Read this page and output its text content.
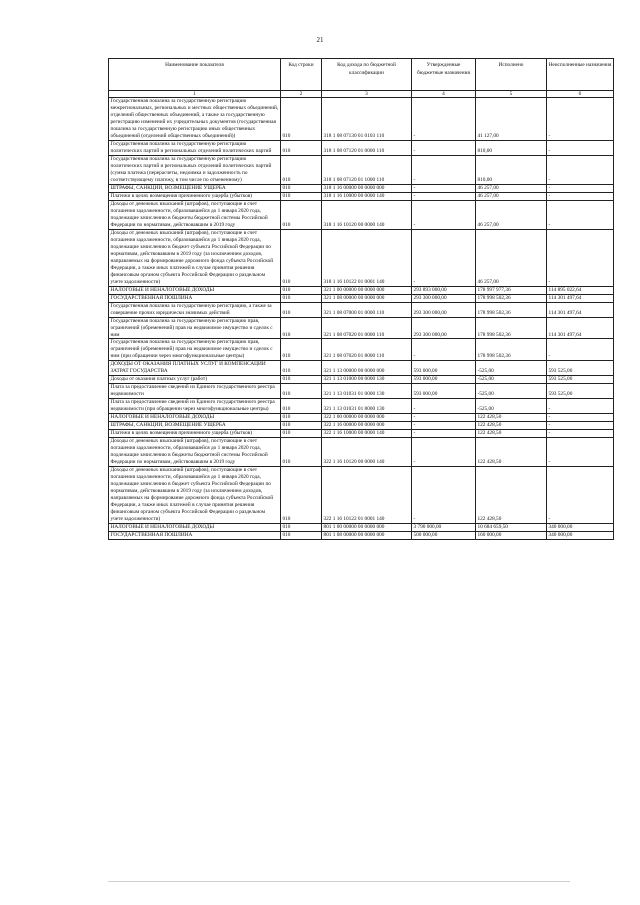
21
Наименование показателя	Код строки	Код дохода по бюджетной классификации	Утвержденные бюджетные назначения	Исполнено	Неисполненные назначения
1	2	3	4	5	6
Государственная пошлина за государственную регистрацию межрегиональных, региональных и местных общественных объединений, отделений общественных объединений, а также за государственную регистрацию изменений их учредительных документов (государственная пошлина за государственную регистрацию иных общественных объединений (отделений общественных объединений))	010	318 1 08 07130 01 0103 110	-	41 127,00	-
Государственная пошлина за государственную регистрацию политических партий и региональных отделений политических партий	010	318 1 08 07120 01 0000 110	-	810,00	-
Государственная пошлина за государственную регистрацию политических партий и региональных отделений политических партий (сумма платежа (перерасчеты, недоимка и задолженность по соответствующему платежу, в том числе по отмененному)	010	318 1 08 07120 01 1000 110	-	810,00	-
ШТРАФЫ, САНКЦИИ, ВОЗМЕЩЕНИЕ УЩЕРБА	010	318 1 16 00000 00 0000 000	-	46 257,00	-
Платежи в целях возмещения причиненного ущерба (убытков)	010	318 1 16 10000 00 0000 140	-	46 257,00	-
Доходы от денежных взысканий (штрафов), поступающие в счет погашения задолженности, образовавшейся до 1 января 2020 года, подлежащие зачислению в бюджеты бюджетной системы Российской Федерации по нормативам, действовавшим в 2019 году	010	318 1 16 10120 00 0000 140	-	46 257,00	-
Доходы от денежных взысканий (штрафов), поступающие в счет погашения задолженности, образовавшейся до 1 января 2020 года, подлежащие зачислению в бюджет субъекта Российской Федерации по нормативам, действовавшим в 2019 году (за исключением доходов, направляемых на формирование дорожного фонда субъекта Российской Федерации, а также иных платежей в случае принятия решения финансовым органом субъекта Российской Федерации о раздельном учете задолженности)	010	318 1 16 10122 01 0001 140	-	46 257,00	-
НАЛОГОВЫЕ И НЕНАЛОГОВЫЕ ДОХОДЫ	010	321 1 00 00000 00 0000 000	293 893 000,00	178 997 977,36	114 895 022,64
ГОСУДАРСТВЕННАЯ ПОШЛИНА	010	321 1 08 00000 00 0000 000	293 300 000,00	178 998 502,36	114 301 497,64
Государственная пошлина за государственную регистрацию, а также за совершение прочих юридически значимых действий	010	321 1 08 07000 01 0000 110	293 300 000,00	178 998 502,36	114 301 497,64
Государственная пошлина за государственную регистрацию прав, ограничений (обременений) прав на недвижимое имущество и сделок с ним	010	321 1 08 07020 01 0000 110	293 300 000,00	178 998 502,36	114 301 497,64
Государственная пошлина за государственную регистрацию прав, ограничений (обременений) прав на недвижимое имущество и сделок с ним (при обращении через многофункциональные центры)	010	321 1 08 07020 01 8000 110	-	178 998 502,36	-
ДОХОДЫ ОТ ОКАЗАНИЯ ПЛАТНЫХ УСЛУГ И КОМПЕНСАЦИИ ЗАТРАТ ГОСУДАРСТВА	010	321 1 13 00000 00 0000 000	593 000,00	-525,00	593 525,00
Доходы от оказания платных услуг (работ)	010	321 1 13 01000 00 0000 130	593 000,00	-525,00	593 525,00
Плата за предоставление сведений из Единого государственного реестра недвижимости	010	321 1 13 01031 01 0000 130	593 000,00	-525,00	593 525,00
Плата за предоставление сведений из Единого государственного реестра недвижимости (при обращении через многофункциональные центры)	010	321 1 13 01031 01 8000 130	-	-525,00	-
НАЛОГОВЫЕ И НЕНАЛОГОВЫЕ ДОХОДЫ	010	322 1 00 00000 00 0000 000	-	122 428,50	-
ШТРАФЫ, САНКЦИИ, ВОЗМЕЩЕНИЕ УЩЕРБА	010	322 1 16 00000 00 0000 000	-	122 428,50	-
Платежи в целях возмещения причиненного ущерба (убытков)	010	322 1 16 10000 00 0000 140	-	122 428,50	-
Доходы от денежных взысканий (штрафов), поступающие в счет погашения задолженности, образовавшейся до 1 января 2020 года, подлежащие зачислению в бюджеты бюджетной системы Российской Федерации по нормативам, действовавшим в 2019 году	010	322 1 16 10120 00 0000 140	-	122 428,50	-
Доходы от денежных взысканий (штрафов), поступающие в счет погашения задолженности, образовавшейся до 1 января 2020 года, подлежащие зачислению в бюджет субъекта Российской Федерации по нормативам, действовавшим в 2019 году (за исключением доходов, направляемых на формирование дорожного фонда субъекта Российской Федерации, а также иных платежей в случае принятия решения финансовым органом субъекта Российской Федерации о раздельном учете задолженности)	010	322 1 16 10122 01 0001 140	-	122 428,50	-
НАЛОГОВЫЕ И НЕНАЛОГОВЫЕ ДОХОДЫ	010	801 1 00 00000 00 0000 000	3 790 000,00	10 684 659,50	340 000,00
ГОСУДАРСТВЕННАЯ ПОШЛИНА	010	801 1 08 00000 00 0000 000	500 000,00	160 000,00	340 000,00
